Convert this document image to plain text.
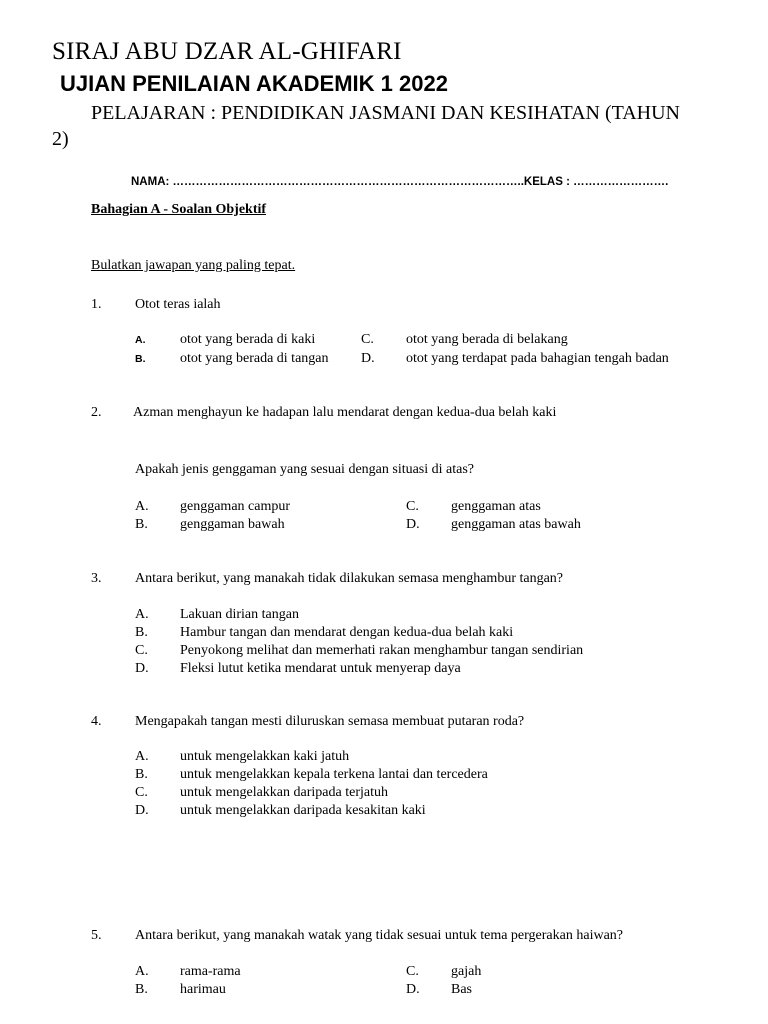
SIRAJ ABU DZAR AL-GHIFARI
UJIAN PENILAIAN AKADEMIK 1 2022
PELAJARAN : PENDIDIKAN JASMANI DAN KESIHATAN (TAHUN
2)
NAMA: ………………………………………………………………………………..KELAS : …………………….
Bahagian A - Soalan Objektif
Bulatkan jawapan yang paling tepat.
1. Otot teras ialah
A. otot yang berada di kaki
B. otot yang berada di tangan
C. otot yang berada di belakang
D. otot yang terdapat pada bahagian tengah badan
2. Azman menghayun ke hadapan lalu mendarat dengan kedua-dua belah kaki
Apakah jenis genggaman yang sesuai dengan situasi di atas?
A. genggaman campur
B. genggaman bawah
C. genggaman atas
D. genggaman atas bawah
3. Antara berikut, yang manakah tidak dilakukan semasa menghambur tangan?
A. Lakuan dirian tangan
B. Hambur tangan dan mendarat dengan kedua-dua belah kaki
C. Penyokong melihat dan memerhati rakan menghambur tangan sendirian
D. Fleksi lutut ketika mendarat untuk menyerap daya
4. Mengapakah tangan mesti diluruskan semasa membuat putaran roda?
A. untuk mengelakkan kaki jatuh
B. untuk mengelakkan kepala terkena lantai dan tercedera
C. untuk mengelakkan daripada terjatuh
D. untuk mengelakkan daripada kesakitan kaki
5. Antara berikut, yang manakah watak yang tidak sesuai untuk tema pergerakan haiwan?
A. rama-rama
B. harimau
C. gajah
D. Bas
